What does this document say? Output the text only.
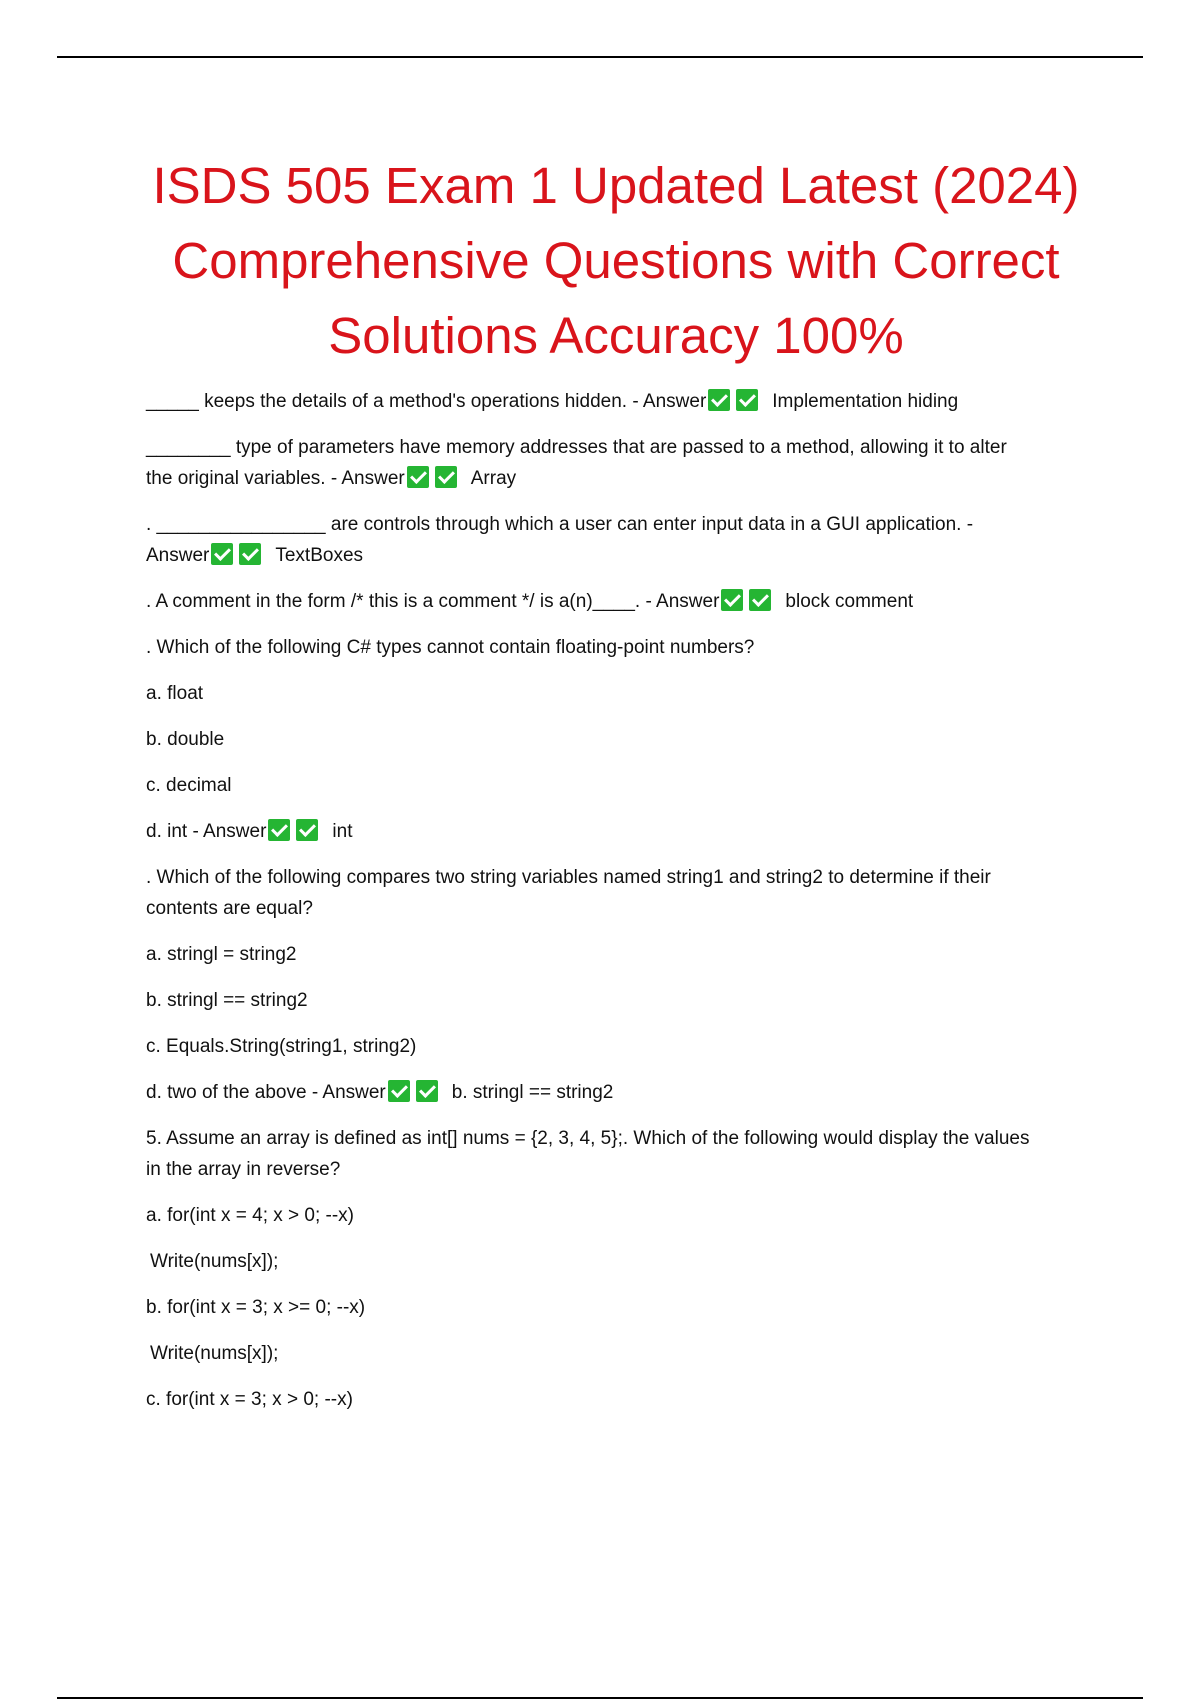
ISDS 505 Exam 1 Updated Latest (2024)
Comprehensive Questions with Correct
Solutions Accuracy 100%
_____ keeps the details of a method's operations hidden. - Answer	Implementation hiding
________ type of parameters have memory addresses that are passed to a method, allowing it to alter
the original variables. - Answer	Array
. ________________ are controls through which a user can enter input data in a GUI application. -
Answer	TextBoxes
. A comment in the form /* this is a comment */ is a(n)____. - Answer	block comment
. Which of the following C# types cannot contain floating-point numbers?
a. float
b. double
c. decimal
d. int - Answer	int
. Which of the following compares two string variables named string1 and string2 to determine if their
contents are equal?
a. stringl = string2
b. stringl == string2
c. Equals.String(string1, string2)
d. two of the above - Answer	b. stringl == string2
5. Assume an array is defined as int[] nums = {2, 3, 4, 5};. Which of the following would display the values
in the array in reverse?
a. for(int x = 4; x > 0; --x)
Write(nums[x]);
b. for(int x = 3; x >= 0; --x)
Write(nums[x]);
c. for(int x = 3; x > 0; --x)
